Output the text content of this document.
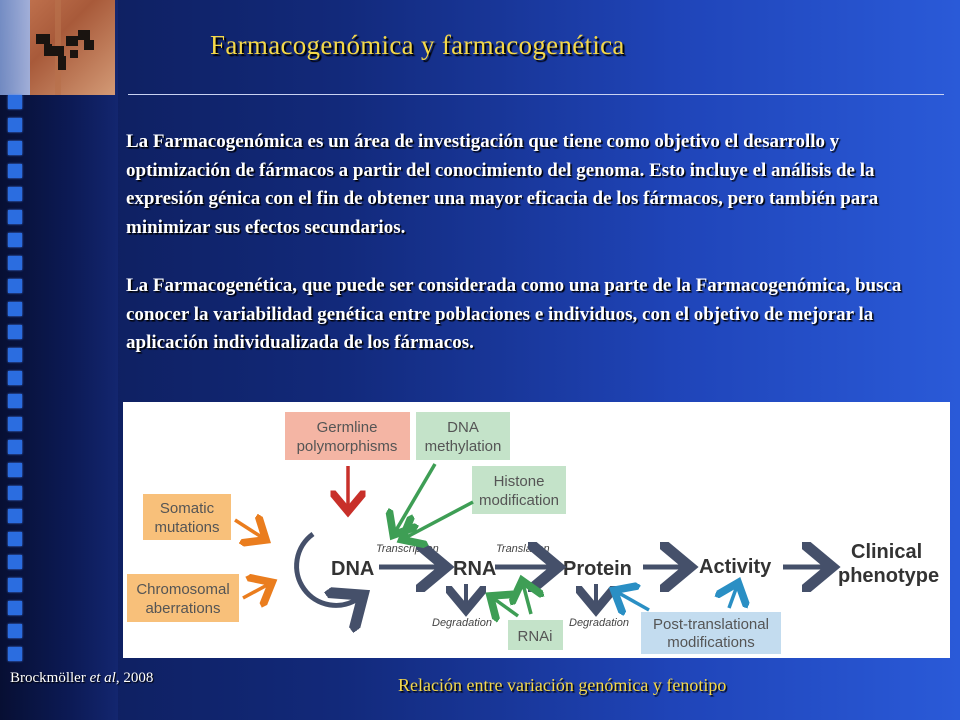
Farmacogenómica y farmacogenética
La Farmacogenómica es un área de investigación que tiene como objetivo el desarrollo y optimización de fármacos a partir del conocimiento del genoma. Esto incluye el análisis de la expresión génica con el fin de obtener una mayor eficacia de los fármacos, pero también para minimizar sus efectos secundarios.
La Farmacogenética, que puede ser considerada como una parte de la Farmacogenómica, busca conocer la variabilidad genética entre poblaciones e individuos, con el objetivo de mejorar la aplicación individualizada de los fármacos.
Germline
polymorphisms
DNA
methylation
Histone
modification
Somatic
mutations
Chromosomal
aberrations
RNAi
Post-translational
modifications
DNA	RNA	Protein	Activity
Clinical phenotype
Transcription	Translation
Degradation	Degradation
Brockmöller et al, 2008	Relación entre variación genómica y fenotipo
